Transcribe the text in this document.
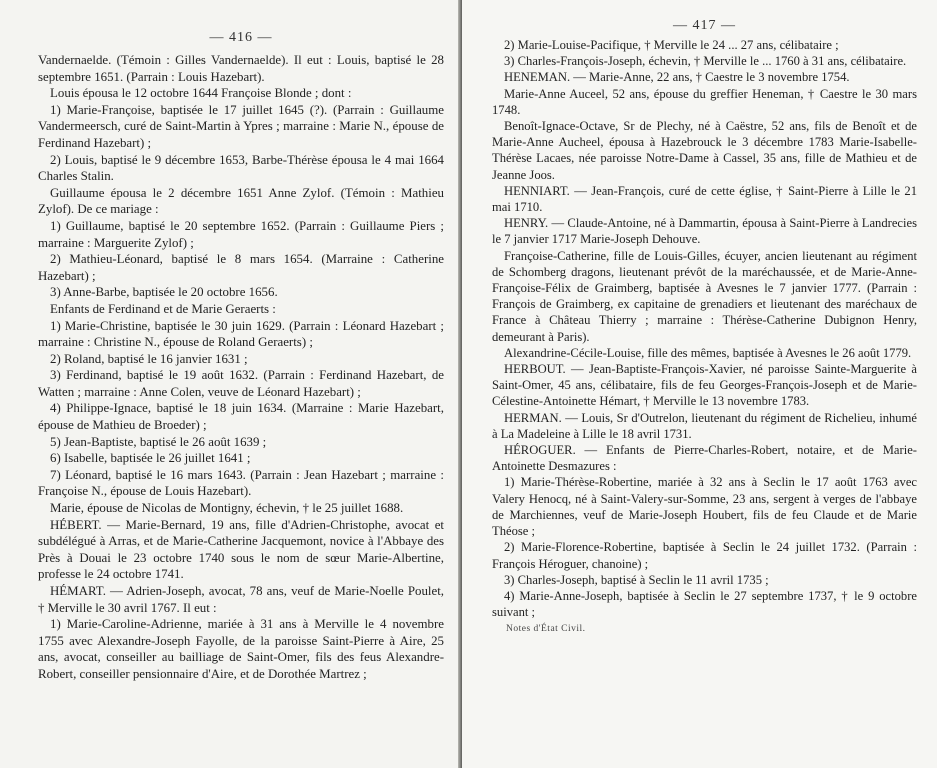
— 416 —

Vandernaelde. (Témoin : Gilles Vandernaelde). Il eut : Louis, baptisé le 28 septembre 1651. (Parrain : Louis Hazebart).

Louis épousa le 12 octobre 1644 Françoise Blonde ; dont :

1) Marie-Françoise, baptisée le 17 juillet 1645 (?). (Parrain : Guillaume Vandermeersch, curé de Saint-Martin à Ypres ; marraine : Marie N., épouse de Ferdinand Hazebart) ;

2) Louis, baptisé le 9 décembre 1653, Barbe-Thérèse épousa le 4 mai 1664 Charles Stalin.

Guillaume épousa le 2 décembre 1651 Anne Zylof. (Témoin : Mathieu Zylof). De ce mariage :

1) Guillaume, baptisé le 20 septembre 1652. (Parrain : Guillaume Piers ; marraine : Marguerite Zylof) ;

2) Mathieu-Léonard, baptisé le 8 mars 1654. (Marraine : Catherine Hazebart) ;

3) Anne-Barbe, baptisée le 20 octobre 1656.

Enfants de Ferdinand et de Marie Geraerts :

1) Marie-Christine, baptisée le 30 juin 1629. (Parrain : Léonard Hazebart ; marraine : Christine N., épouse de Roland Geraerts) ;

2) Roland, baptisé le 16 janvier 1631 ;

3) Ferdinand, baptisé le 19 août 1632. (Parrain : Ferdinand Hazebart, de Watten ; marraine : Anne Colen, veuve de Léonard Hazebart) ;

4) Philippe-Ignace, baptisé le 18 juin 1634. (Marraine : Marie Hazebart, épouse de Mathieu de Broeder) ;

5) Jean-Baptiste, baptisé le 26 août 1639 ;

6) Isabelle, baptisée le 26 juillet 1641 ;

7) Léonard, baptisé le 16 mars 1643. (Parrain : Jean Hazebart ; marraine : Françoise N., épouse de Louis Hazebart).

Marie, épouse de Nicolas de Montigny, échevin, † le 25 juillet 1688.

HÉBERT. — Marie-Bernard, 19 ans, fille d'Adrien-Christophe, avocat et subdélégué à Arras, et de Marie-Catherine Jacquemont, novice à l'Abbaye des Près à Douai le 23 octobre 1740 sous le nom de sœur Marie-Albertine, professe le 24 octobre 1741.

HÉMART. — Adrien-Joseph, avocat, 78 ans, veuf de Marie-Noelle Poulet, † Merville le 30 avril 1767. Il eut :

1) Marie-Caroline-Adrienne, mariée à 31 ans à Merville le 4 novembre 1755 avec Alexandre-Joseph Fayolle, de la paroisse Saint-Pierre à Aire, 25 ans, avocat, conseiller au bailliage de Saint-Omer, fils des feus Alexandre-Robert, conseiller pensionnaire d'Aire, et de Dorothée Martrez ;

— 417 —

2) Marie-Louise-Pacifique, † Merville le 24 ... 27 ans, célibataire ;

3) Charles-François-Joseph, échevin, † Merville le ... 1760 à 31 ans, célibataire.

HENEMAN. — Marie-Anne, 22 ans, † Caestre le 3 novembre 1754.

Marie-Anne Auceel, 52 ans, épouse du greffier Heneman, † Caestre le 30 mars 1748.

Benoît-Ignace-Octave, Sr de Plechy, né à Caëstre, 52 ans, fils de Benoît et de Marie-Anne Aucheel, épousa à Hazebrouck le 3 décembre 1783 Marie-Isabelle-Thérèse Lacaes, née paroisse Notre-Dame à Cassel, 35 ans, fille de Mathieu et de Jeanne Joos.

HENNIART. — Jean-François, curé de cette église, † Saint-Pierre à Lille le 21 mai 1710.

HENRY. — Claude-Antoine, né à Dammartin, épousa à Saint-Pierre à Landrecies le 7 janvier 1717 Marie-Joseph Dehouve.

Françoise-Catherine, fille de Louis-Gilles, écuyer, ancien lieutenant au régiment de Schomberg dragons, lieutenant prévôt de la maréchaussée, et de Marie-Anne-Françoise-Félix de Graimberg, baptisée à Avesnes le 7 janvier 1777. (Parrain : François de Graimberg, ex capitaine de grenadiers et lieutenant des maréchaux de France à Château Thierry ; marraine : Thérèse-Catherine Dubignon Henry, demeurant à Paris).

Alexandrine-Cécile-Louise, fille des mêmes, baptisée à Avesnes le 26 août 1779.

HERBOUT. — Jean-Baptiste-François-Xavier, né paroisse Sainte-Marguerite à Saint-Omer, 45 ans, célibataire, fils de feu Georges-François-Joseph et de Marie-Célestine-Antoinette Hémart, † Merville le 13 novembre 1783.

HERMAN. — Louis, Sr d'Outrelon, lieutenant du régiment de Richelieu, inhumé à La Madeleine à Lille le 18 avril 1731.

HÉROGUER. — Enfants de Pierre-Charles-Robert, notaire, et de Marie-Antoinette Desmazures :

1) Marie-Thérèse-Robertine, mariée à 32 ans à Seclin le 17 août 1763 avec Valery Henocq, né à Saint-Valery-sur-Somme, 23 ans, sergent à verges de l'abbaye de Marchiennes, veuf de Marie-Joseph Houbert, fils de feu Claude et de Marie Théose ;

2) Marie-Florence-Robertine, baptisée à Seclin le 24 juillet 1732. (Parrain : François Héroguer, chanoine) ;

3) Charles-Joseph, baptisé à Seclin le 11 avril 1735 ;

4) Marie-Anne-Joseph, baptisée à Seclin le 27 septembre 1737, † le 9 octobre suivant ;

Notes d'État Civil.
